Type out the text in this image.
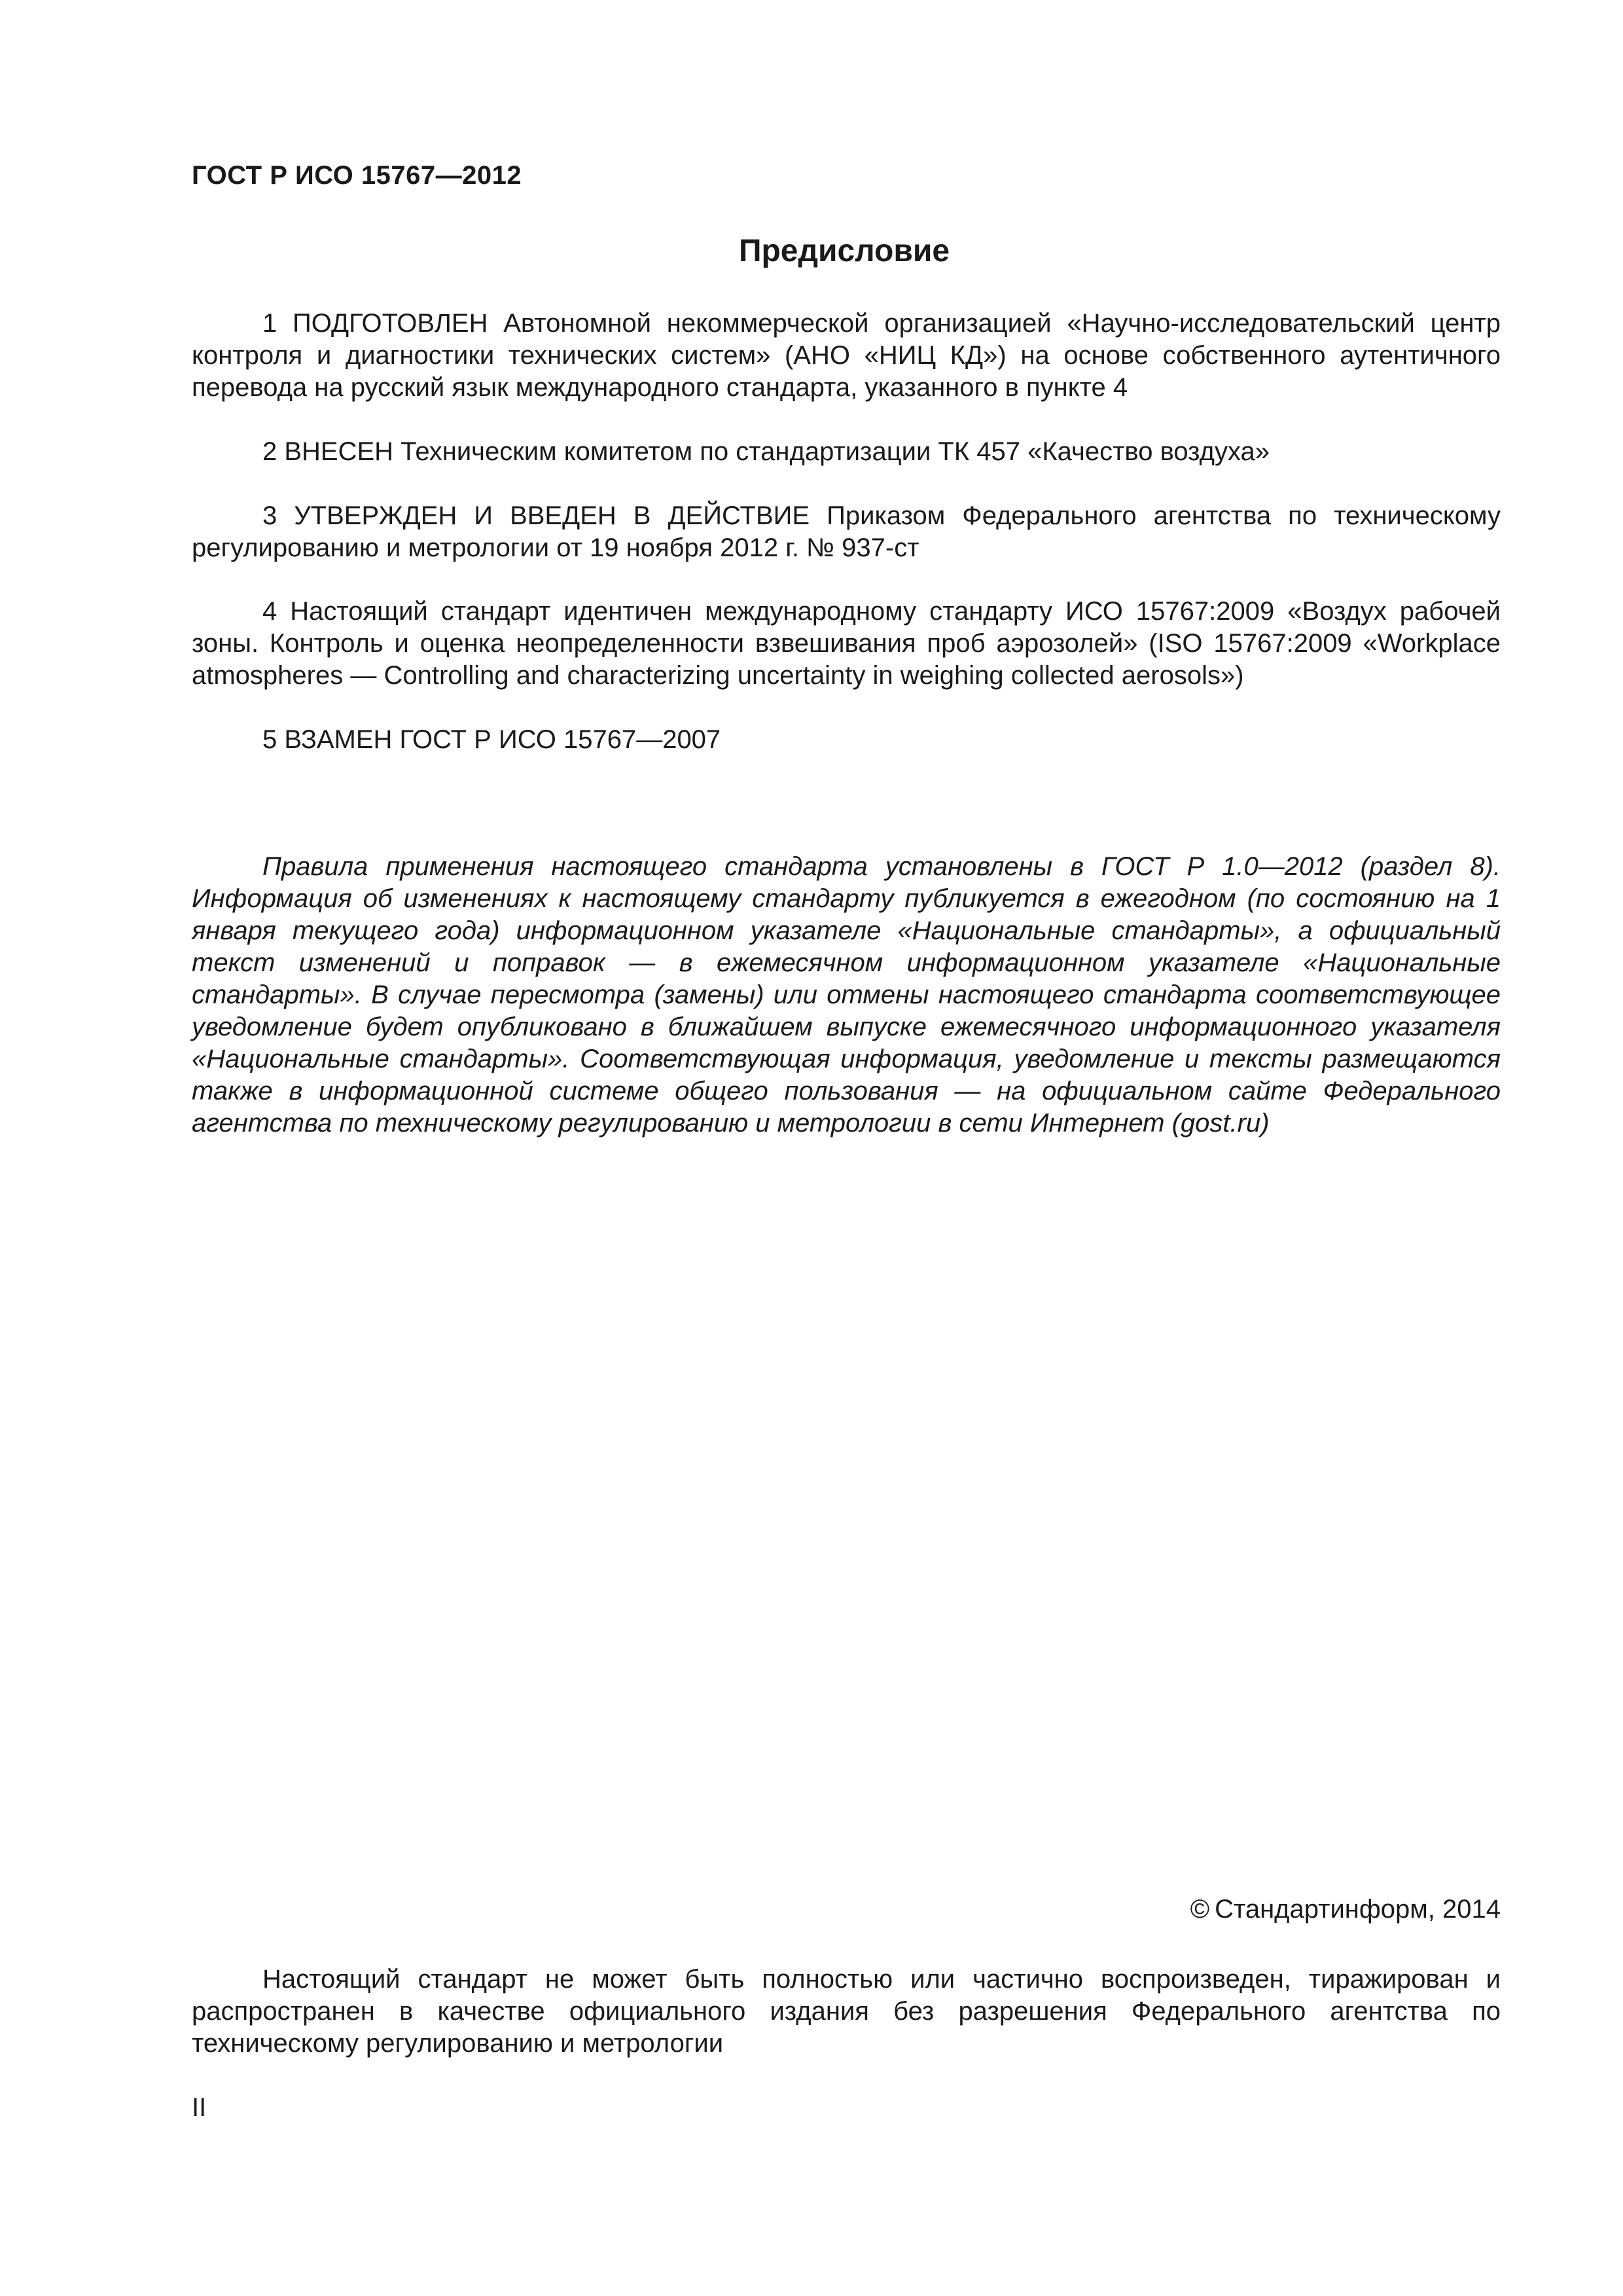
ГОСТ Р ИСО 15767—2012
Предисловие

1 ПОДГОТОВЛЕН Автономной некоммерческой организацией «Научно-исследовательский центр контроля и диагностики технических систем» (АНО «НИЦ КД») на основе собственного аутентичного перевода на русский язык международного стандарта, указанного в пункте 4

2 ВНЕСЕН Техническим комитетом по стандартизации ТК 457 «Качество воздуха»

3 УТВЕРЖДЕН И ВВЕДЕН В ДЕЙСТВИЕ Приказом Федерального агентства по техническому регулированию и метрологии от 19 ноября 2012 г. № 937-ст

4 Настоящий стандарт идентичен международному стандарту ИСО 15767:2009 «Воздух рабочей зоны. Контроль и оценка неопределенности взвешивания проб аэрозолей» (ISO 15767:2009 «Workplace atmospheres — Controlling and characterizing uncertainty in weighing collected aerosols»)

5 ВЗАМЕН ГОСТ Р ИСО 15767—2007

Правила применения настоящего стандарта установлены в ГОСТ Р 1.0—2012 (раздел 8). Информация об изменениях к настоящему стандарту публикуется в ежегодном (по состоянию на 1 января текущего года) информационном указателе «Национальные стандарты», а официальный текст изменений и поправок — в ежемесячном информационном указателе «Национальные стандарты». В случае пересмотра (замены) или отмены настоящего стандарта соответствующее уведомление будет опубликовано в ближайшем выпуске ежемесячного информационного указателя «Национальные стандарты». Соответствующая информация, уведомление и тексты размещаются также в информационной системе общего пользования — на официальном сайте Федерального агентства по техническому регулированию и метрологии в сети Интернет (gost.ru)

© Стандартинформ, 2014

Настоящий стандарт не может быть полностью или частично воспроизведен, тиражирован и распространен в качестве официального издания без разрешения Федерального агентства по техническому регулированию и метрологии

II
